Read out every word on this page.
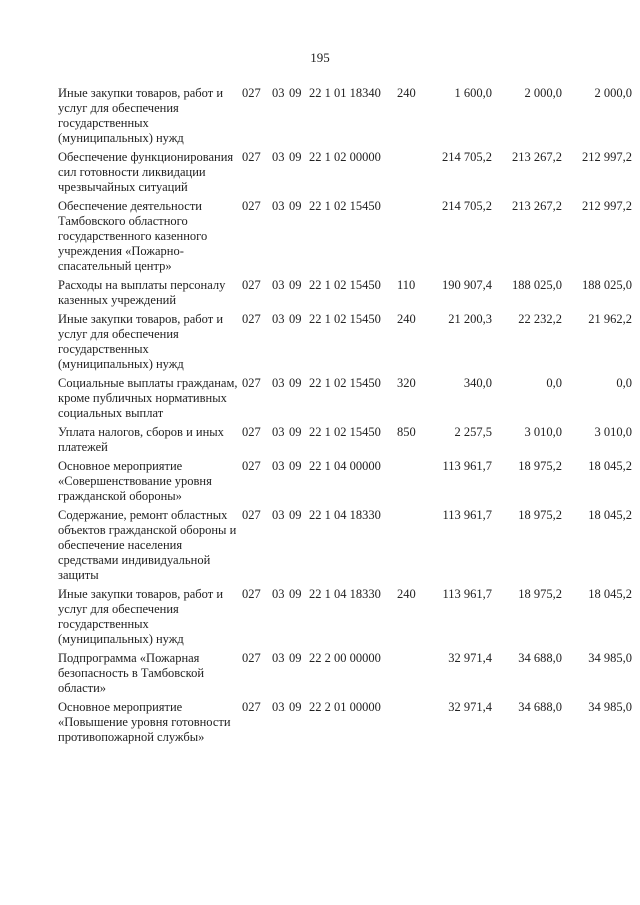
195
Иные закупки товаров, работ и услуг для обеспечения государственных (муниципальных) нужд	027 03 09 22 1 01 18340 240	1 600,0	2 000,0	2 000,0
Обеспечение функционирования сил готовности ликвидации чрезвычайных ситуаций	027 03 09 22 1 02 00000	214 705,2	213 267,2	212 997,2
Обеспечение деятельности Тамбовского областного государственного казенного учреждения «Пожарно-спасательный центр»	027 03 09 22 1 02 15450	214 705,2	213 267,2	212 997,2
Расходы на выплаты персоналу казенных учреждений	027 03 09 22 1 02 15450 110	190 907,4	188 025,0	188 025,0
Иные закупки товаров, работ и услуг для обеспечения государственных (муниципальных) нужд	027 03 09 22 1 02 15450 240	21 200,3	22 232,2	21 962,2
Социальные выплаты гражданам, кроме публичных нормативных социальных выплат	027 03 09 22 1 02 15450 320	340,0	0,0	0,0
Уплата налогов, сборов и иных платежей	027 03 09 22 1 02 15450 850	2 257,5	3 010,0	3 010,0
Основное мероприятие «Совершенствование уровня гражданской обороны»	027 03 09 22 1 04 00000	113 961,7	18 975,2	18 045,2
Содержание, ремонт областных объектов гражданской обороны и обеспечение населения средствами индивидуальной защиты	027 03 09 22 1 04 18330	113 961,7	18 975,2	18 045,2
Иные закупки товаров, работ и услуг для обеспечения государственных (муниципальных) нужд	027 03 09 22 1 04 18330 240	113 961,7	18 975,2	18 045,2
Подпрограмма «Пожарная безопасность в Тамбовской области»	027 03 09 22 2 00 00000	32 971,4	34 688,0	34 985,0
Основное мероприятие «Повышение уровня готовности противопожарной службы»	027 03 09 22 2 01 00000	32 971,4	34 688,0	34 985,0
